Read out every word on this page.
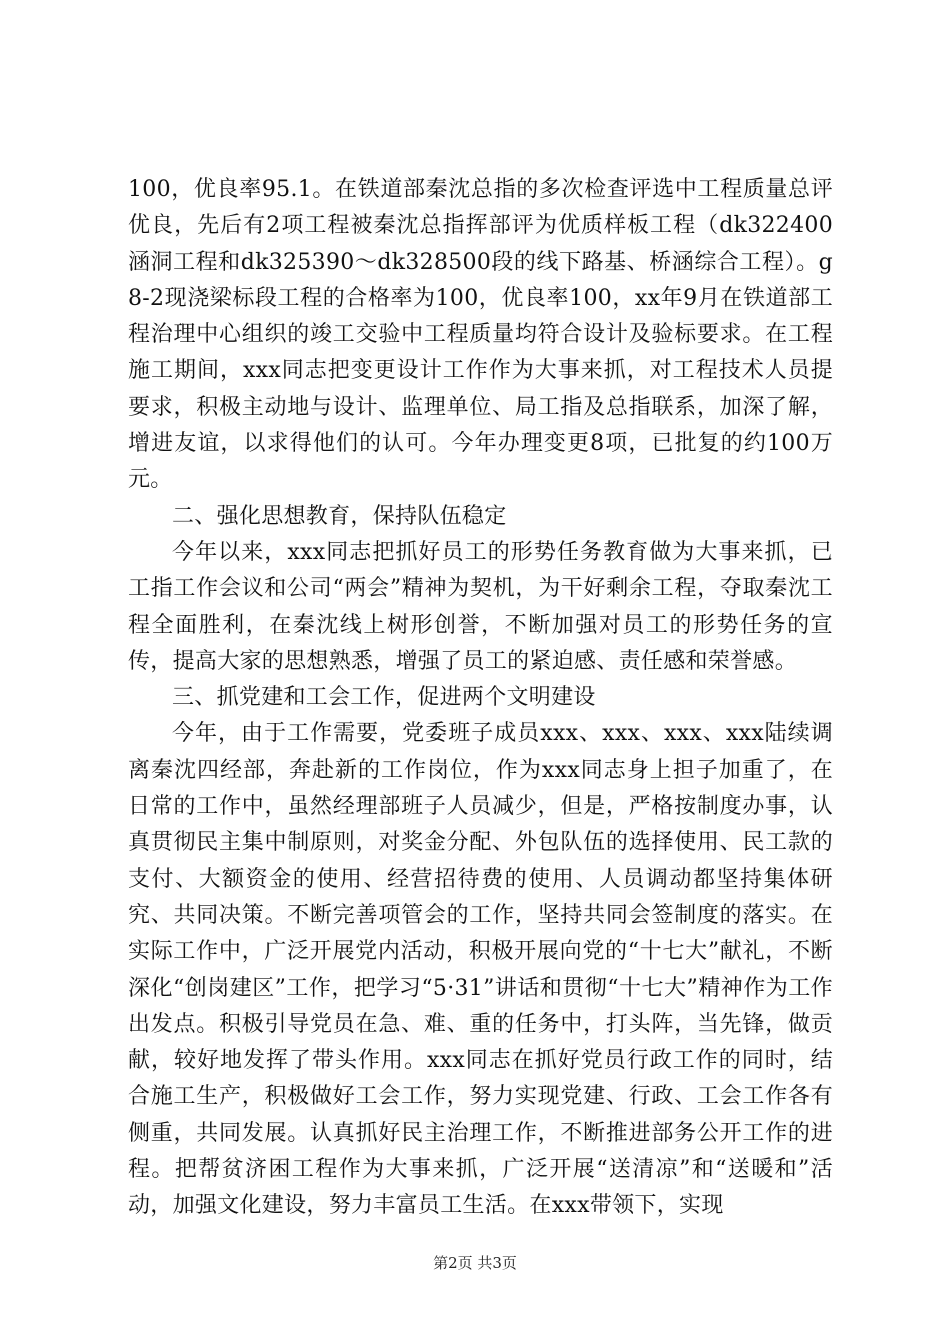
100，优良率95.1。在铁道部秦沈总指的多次检查评选中工程质量总评优良，先后有2项工程被秦沈总指挥部评为优质样板工程（dk322400涵洞工程和dk325390～dk328500段的线下路基、桥涵综合工程）。g8-2现浇梁标段工程的合格率为100，优良率100，xx年9月在铁道部工程治理中心组织的竣工交验中工程质量均符合设计及验标要求。在工程施工期间，xxx同志把变更设计工作作为大事来抓，对工程技术人员提要求，积极主动地与设计、监理单位、局工指及总指联系，加深了解，增进友谊，以求得他们的认可。今年办理变更8项，已批复的约100万元。

二、强化思想教育，保持队伍稳定

今年以来，xxx同志把抓好员工的形势任务教育做为大事来抓，已工指工作会议和公司“两会”精神为契机，为干好剩余工程，夺取秦沈工程全面胜利，在秦沈线上树形创誉，不断加强对员工的形势任务的宣传，提高大家的思想熟悉，增强了员工的紧迫感、责任感和荣誉感。

三、抓党建和工会工作，促进两个文明建设

今年，由于工作需要，党委班子成员xxx、xxx、xxx、xxx陆续调离秦沈四经部，奔赴新的工作岗位，作为xxx同志身上担子加重了，在日常的工作中，虽然经理部班子人员减少，但是，严格按制度办事，认真贯彻民主集中制原则，对奖金分配、外包队伍的选择使用、民工款的支付、大额资金的使用、经营招待费的使用、人员调动都坚持集体研究、共同决策。不断完善项管会的工作，坚持共同会签制度的落实。在实际工作中，广泛开展党内活动，积极开展向党的“十七大”献礼，不断深化“创岗建区”工作，把学习“5·31”讲话和贯彻“十七大”精神作为工作出发点。积极引导党员在急、难、重的任务中，打头阵，当先锋，做贡献，较好地发挥了带头作用。xxx同志在抓好党员行政工作的同时，结合施工生产，积极做好工会工作，努力实现党建、行政、工会工作各有侧重，共同发展。认真抓好民主治理工作，不断推进部务公开工作的进程。把帮贫济困工程作为大事来抓，广泛开展“送清凉”和“送暖和”活动，加强文化建设，努力丰富员工生活。在xxx带领下，实现

第2页 共3页
